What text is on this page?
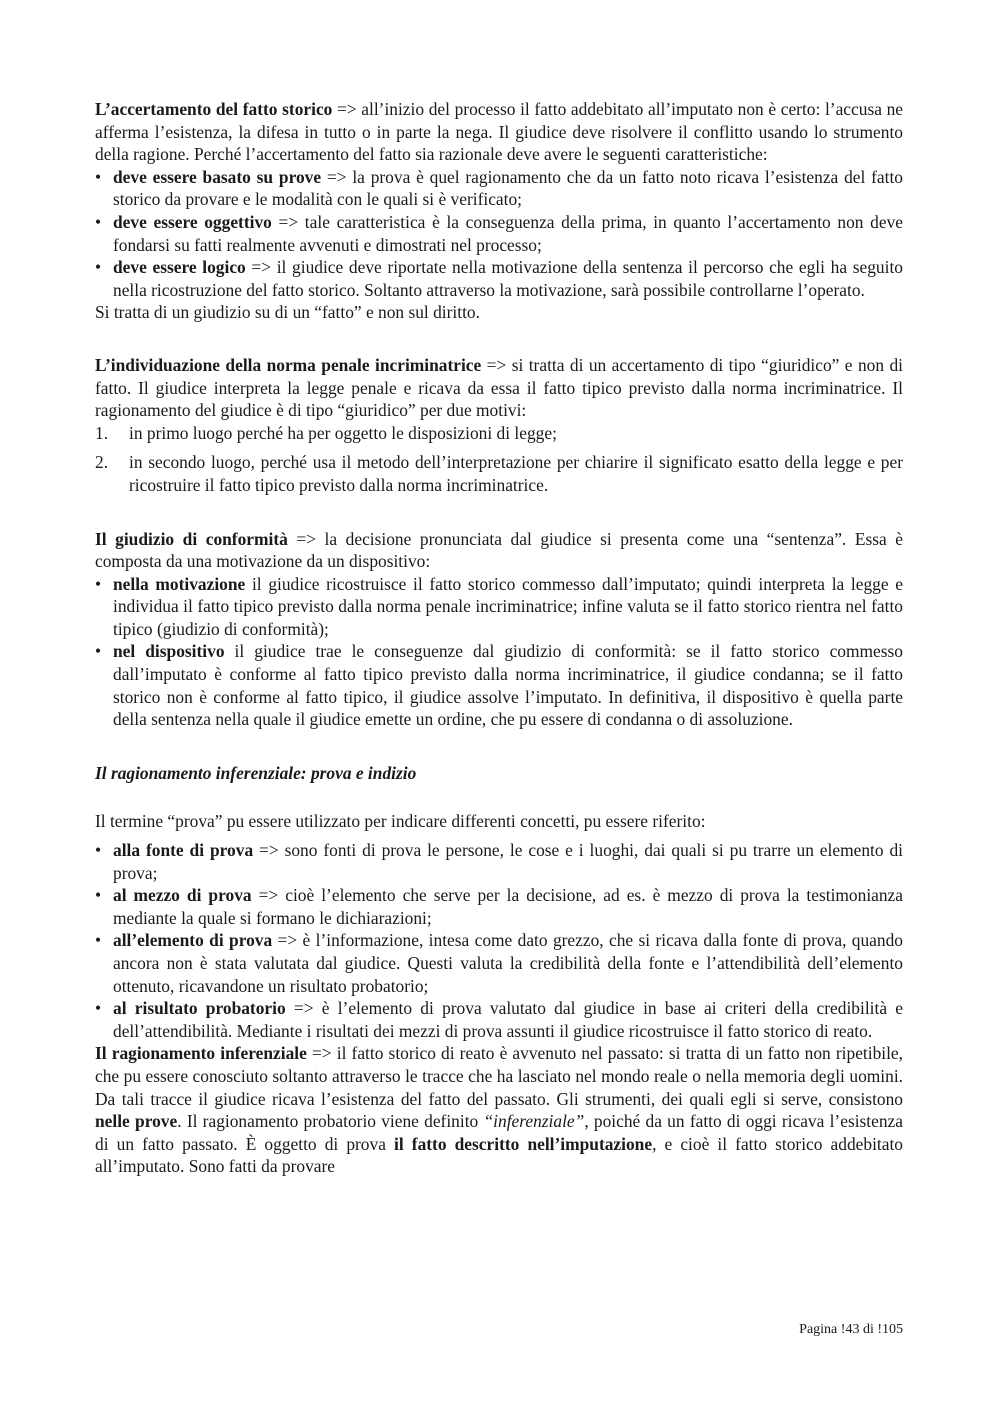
L’accertamento del fatto storico => all’inizio del processo il fatto addebitato all’imputato non è certo: l’accusa ne afferma l’esistenza, la difesa in tutto o in parte la nega. Il giudice deve risolvere il conflitto usando lo strumento della ragione. Perché l’accertamento del fatto sia razionale deve avere le seguenti caratteristiche:

• deve essere basato su prove => la prova è quel ragionamento che da un fatto noto ricava l’esistenza del fatto storico da provare e le modalità con le quali si è verificato;
• deve essere oggettivo => tale caratteristica è la conseguenza della prima, in quanto l’accertamento non deve fondarsi su fatti realmente avvenuti e dimostrati nel processo;
• deve essere logico => il giudice deve riportate nella motivazione della sentenza il percorso che egli ha seguito nella ricostruzione del fatto storico. Soltanto attraverso la motivazione, sarà possibile controllarne l’operato.

Si tratta di un giudizio su di un “fatto” e non sul diritto.

L’individuazione della norma penale incriminatrice => si tratta di un accertamento di tipo “giuridico” e non di fatto. Il giudice interpreta la legge penale e ricava da essa il fatto tipico previsto dalla norma incriminatrice. Il ragionamento del giudice è di tipo “giuridico” per due motivi:

1. in primo luogo perché ha per oggetto le disposizioni di legge;
2. in secondo luogo, perché usa il metodo dell’interpretazione per chiarire il significato esatto della legge e per ricostruire il fatto tipico previsto dalla norma incriminatrice.

Il giudizio di conformità => la decisione pronunciata dal giudice si presenta come una “sentenza”. Essa è composta da una motivazione da un dispositivo:

• nella motivazione il giudice ricostruisce il fatto storico commesso dall’imputato; quindi interpreta la legge e individua il fatto tipico previsto dalla norma penale incriminatrice; infine valuta se il fatto storico rientra nel fatto tipico (giudizio di conformità);
• nel dispositivo il giudice trae le conseguenze dal giudizio di conformità: se il fatto storico commesso dall’imputato è conforme al fatto tipico previsto dalla norma incriminatrice, il giudice condanna; se il fatto storico non è conforme al fatto tipico, il giudice assolve l’imputato. In definitiva, il dispositivo è quella parte della sentenza nella quale il giudice emette un ordine, che pu essere di condanna o di assoluzione.

Il ragionamento inferenziale: prova e indizio

Il termine “prova” pu essere utilizzato per indicare differenti concetti, pu essere riferito:

• alla fonte di prova => sono fonti di prova le persone, le cose e i luoghi, dai quali si pu trarre un elemento di prova;
• al mezzo di prova => cioè l’elemento che serve per la decisione, ad es. è mezzo di prova la testimonianza mediante la quale si formano le dichiarazioni;
• all’elemento di prova => è l’informazione, intesa come dato grezzo, che si ricava dalla fonte di prova, quando ancora non è stata valutata dal giudice. Questi valuta la credibilità della fonte e l’attendibilità dell’elemento ottenuto, ricavandone un risultato probatorio;
• al risultato probatorio => è l’elemento di prova valutato dal giudice in base ai criteri della credibilità e dell’attendibilità. Mediante i risultati dei mezzi di prova assunti il giudice ricostruisce il fatto storico di reato.

Il ragionamento inferenziale => il fatto storico di reato è avvenuto nel passato: si tratta di un fatto non ripetibile, che pu essere conosciuto soltanto attraverso le tracce che ha lasciato nel mondo reale o nella memoria degli uomini. Da tali tracce il giudice ricava l’esistenza del fatto del passato. Gli strumenti, dei quali egli si serve, consistono nelle prove. Il ragionamento probatorio viene definito “inferenziale”, poiché da un fatto di oggi ricava l’esistenza di un fatto passato. È oggetto di prova il fatto descritto nell’imputazione, e cioè il fatto storico addebitato all’imputato. Sono fatti da provare

Pagina !43 di !105
